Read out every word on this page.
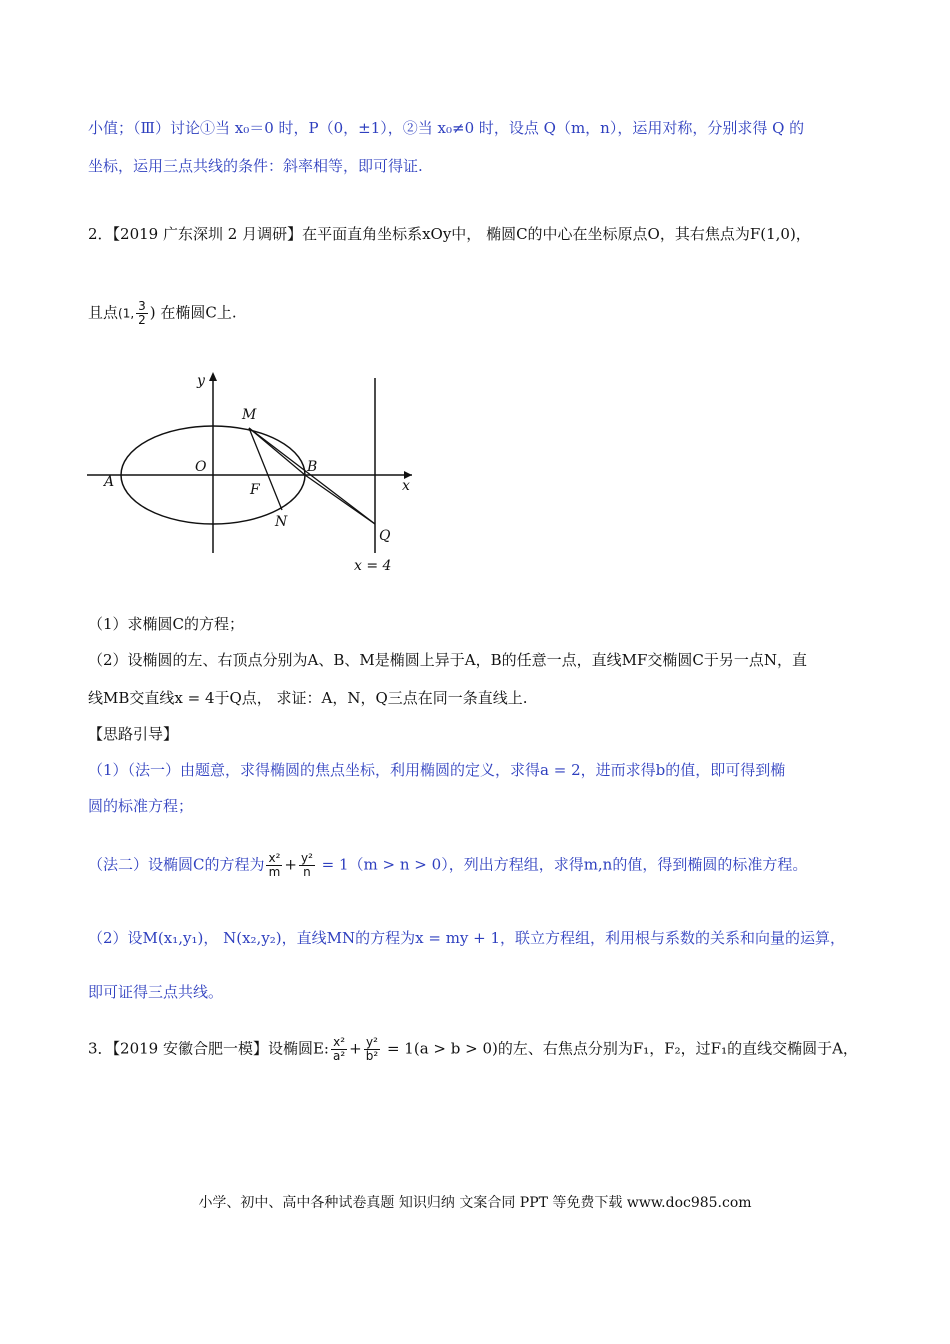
小值；（Ⅲ）讨论①当 x₀＝0 时，P（0，±1），②当 x₀≠0 时，设点 Q（m，n），运用对称，分别求得 Q 的
坐标，运用三点共线的条件：斜率相等，即可得证.
2．【2019 广东深圳 2 月调研】在平面直角坐标系xOy中， 椭圆C的中心在坐标原点O，其右焦点为F(1,0)，
且点(1, $\frac{3}{2}$ ) 在椭圆C上.
y
x
O
M
A
B
F
N
Q
x = 4
（1）求椭圆C的方程；
（2）设椭圆的左、右顶点分别为A、B、M是椭圆上异于A，B的任意一点，直线MF交椭圆C于另一点N，直
线MB交直线x = 4于Q点， 求证：A，N，Q三点在同一条直线上.
【思路引导】
（1）（法一）由题意，求得椭圆的焦点坐标，利用椭圆的定义，求得a = 2，进而求得b的值，即可得到椭
圆的标准方程；
（法二）设椭圆C的方程为 $\frac{\text{x²}}{m} + \frac{\text{y²}}{n} = 1(m > n > 0)$，列出方程组，求得m,n的值，得到椭圆的标准方程。
（2）设M(x₁,y₁)， N(x₂,y₂)，直线MN的方程为x = my + 1，联立方程组，利用根与系数的关系和向量的运算，
即可证得三点共线。
3．【2019 安徽合肥一模】设椭圆E: $\frac{\text{x²}}{\text{a²}} + \frac{\text{y²}}{\text{b²}} = 1(a > b > 0)$的左、右焦点分别为F₁，F₂，过F₁的直线交椭圆于A，
小学、初中、高中各种试卷真题 知识归纳 文案合同 PPT 等免费下载 www.doc985.com
